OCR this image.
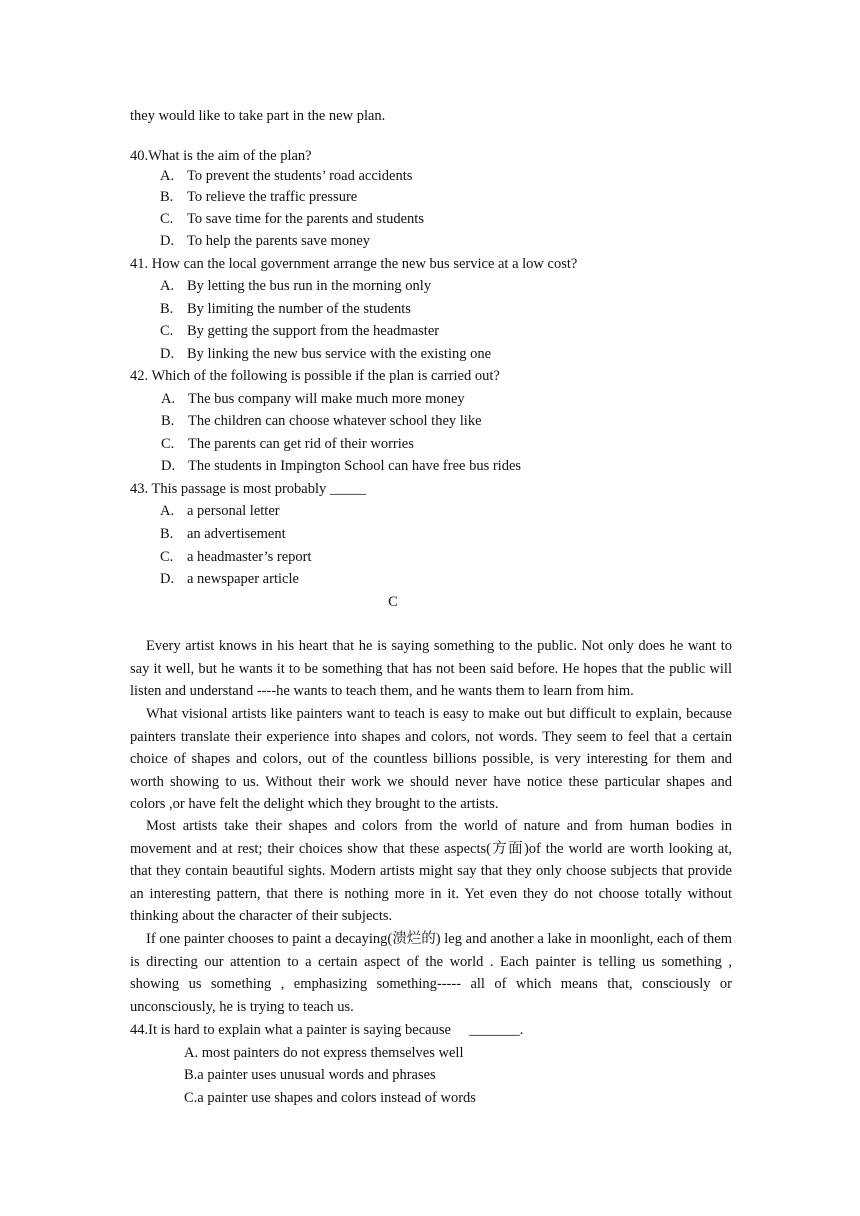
they would like to take part in the new plan.
40.What is the aim of the plan?
A. To prevent the students’ road accidents
B. To relieve the traffic pressure
C. To save time for the parents and students
D. To help the parents save money
41. How can the local government arrange the new bus service at a low cost?
A. By letting the bus run in the morning only
B. By limiting the number of the students
C. By getting the support from the headmaster
D. By linking the new bus service with the existing one
42. Which of the following is possible if the plan is carried out?
A. The bus company will make much more money
B. The children can choose whatever school they like
C. The parents can get rid of their worries
D. The students in Impington School can have free bus rides
43. This passage is most probably _____
A. a personal letter
B. an advertisement
C. a headmaster’s report
D. a newspaper article
C
Every artist knows in his heart that he is saying something to the public. Not only does he want to say it well, but he wants it to be something that has not been said before. He hopes that the public will listen and understand ----he wants to teach them, and he wants them to learn from him.
What visional artists like painters want to teach is easy to make out but difficult to explain, because painters translate their experience into shapes and colors, not words. They seem to feel that a certain choice of shapes and colors, out of the countless billions possible, is very interesting for them and worth showing to us. Without their work we should never have notice these particular shapes and colors ,or have felt the delight which they brought to the artists.
Most artists take their shapes and colors from the world of nature and from human bodies in movement and at rest; their choices show that these aspects(方面)of the world are worth looking at, that they contain beautiful sights. Modern artists might say that they only choose subjects that provide an interesting pattern, that there is nothing more in it. Yet even they do not choose totally without thinking about the character of their subjects.
If one painter chooses to paint a decaying(溃烂的) leg and another a lake in moonlight, each of them is directing our attention to a certain aspect of the world . Each painter is telling us something , showing us something , emphasizing something----- all of which means that, consciously or unconsciously, he is trying to teach us.
44.It is hard to explain what a painter is saying because     _______.
A. most painters do not express themselves well
B.a painter uses unusual words and phrases
C.a painter use shapes and colors instead of words
